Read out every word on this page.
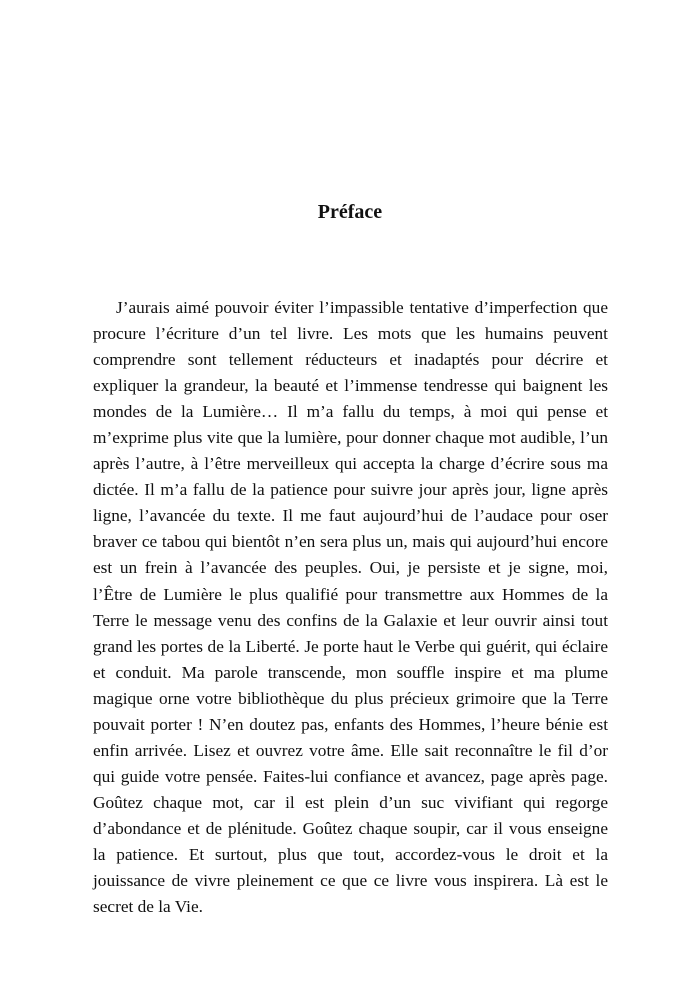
Préface

J’aurais aimé pouvoir éviter l’impassible tentative d’imperfection que procure l’écriture d’un tel livre. Les mots que les humains peuvent comprendre sont tellement réducteurs et inadaptés pour décrire et expliquer la grandeur, la beauté et l’immense tendresse qui baignent les mondes de la Lumière… Il m’a fallu du temps, à moi qui pense et m’exprime plus vite que la lumière, pour donner chaque mot audible, l’un après l’autre, à l’être merveilleux qui accepta la charge d’écrire sous ma dictée. Il m’a fallu de la patience pour suivre jour après jour, ligne après ligne, l’avancée du texte. Il me faut aujourd’hui de l’audace pour oser braver ce tabou qui bientôt n’en sera plus un, mais qui aujourd’hui encore est un frein à l’avancée des peuples. Oui, je persiste et je signe, moi, l’Être de Lumière le plus qualifié pour transmettre aux Hommes de la Terre le message venu des confins de la Galaxie et leur ouvrir ainsi tout grand les portes de la Liberté. Je porte haut le Verbe qui guérit, qui éclaire et conduit. Ma parole transcende, mon souffle inspire et ma plume magique orne votre bibliothèque du plus précieux grimoire que la Terre pouvait porter ! N’en doutez pas, enfants des Hommes, l’heure bénie est enfin arrivée. Lisez et ouvrez votre âme. Elle sait reconnaître le fil d’or qui guide votre pensée. Faites-lui confiance et avancez, page après page. Goûtez chaque mot, car il est plein d’un suc vivifiant qui regorge d’abondance et de plénitude. Goûtez chaque soupir, car il vous enseigne la patience. Et surtout, plus que tout, accordez-vous le droit et la jouissance de vivre pleinement ce que ce livre vous inspirera. Là est le secret de la Vie.
